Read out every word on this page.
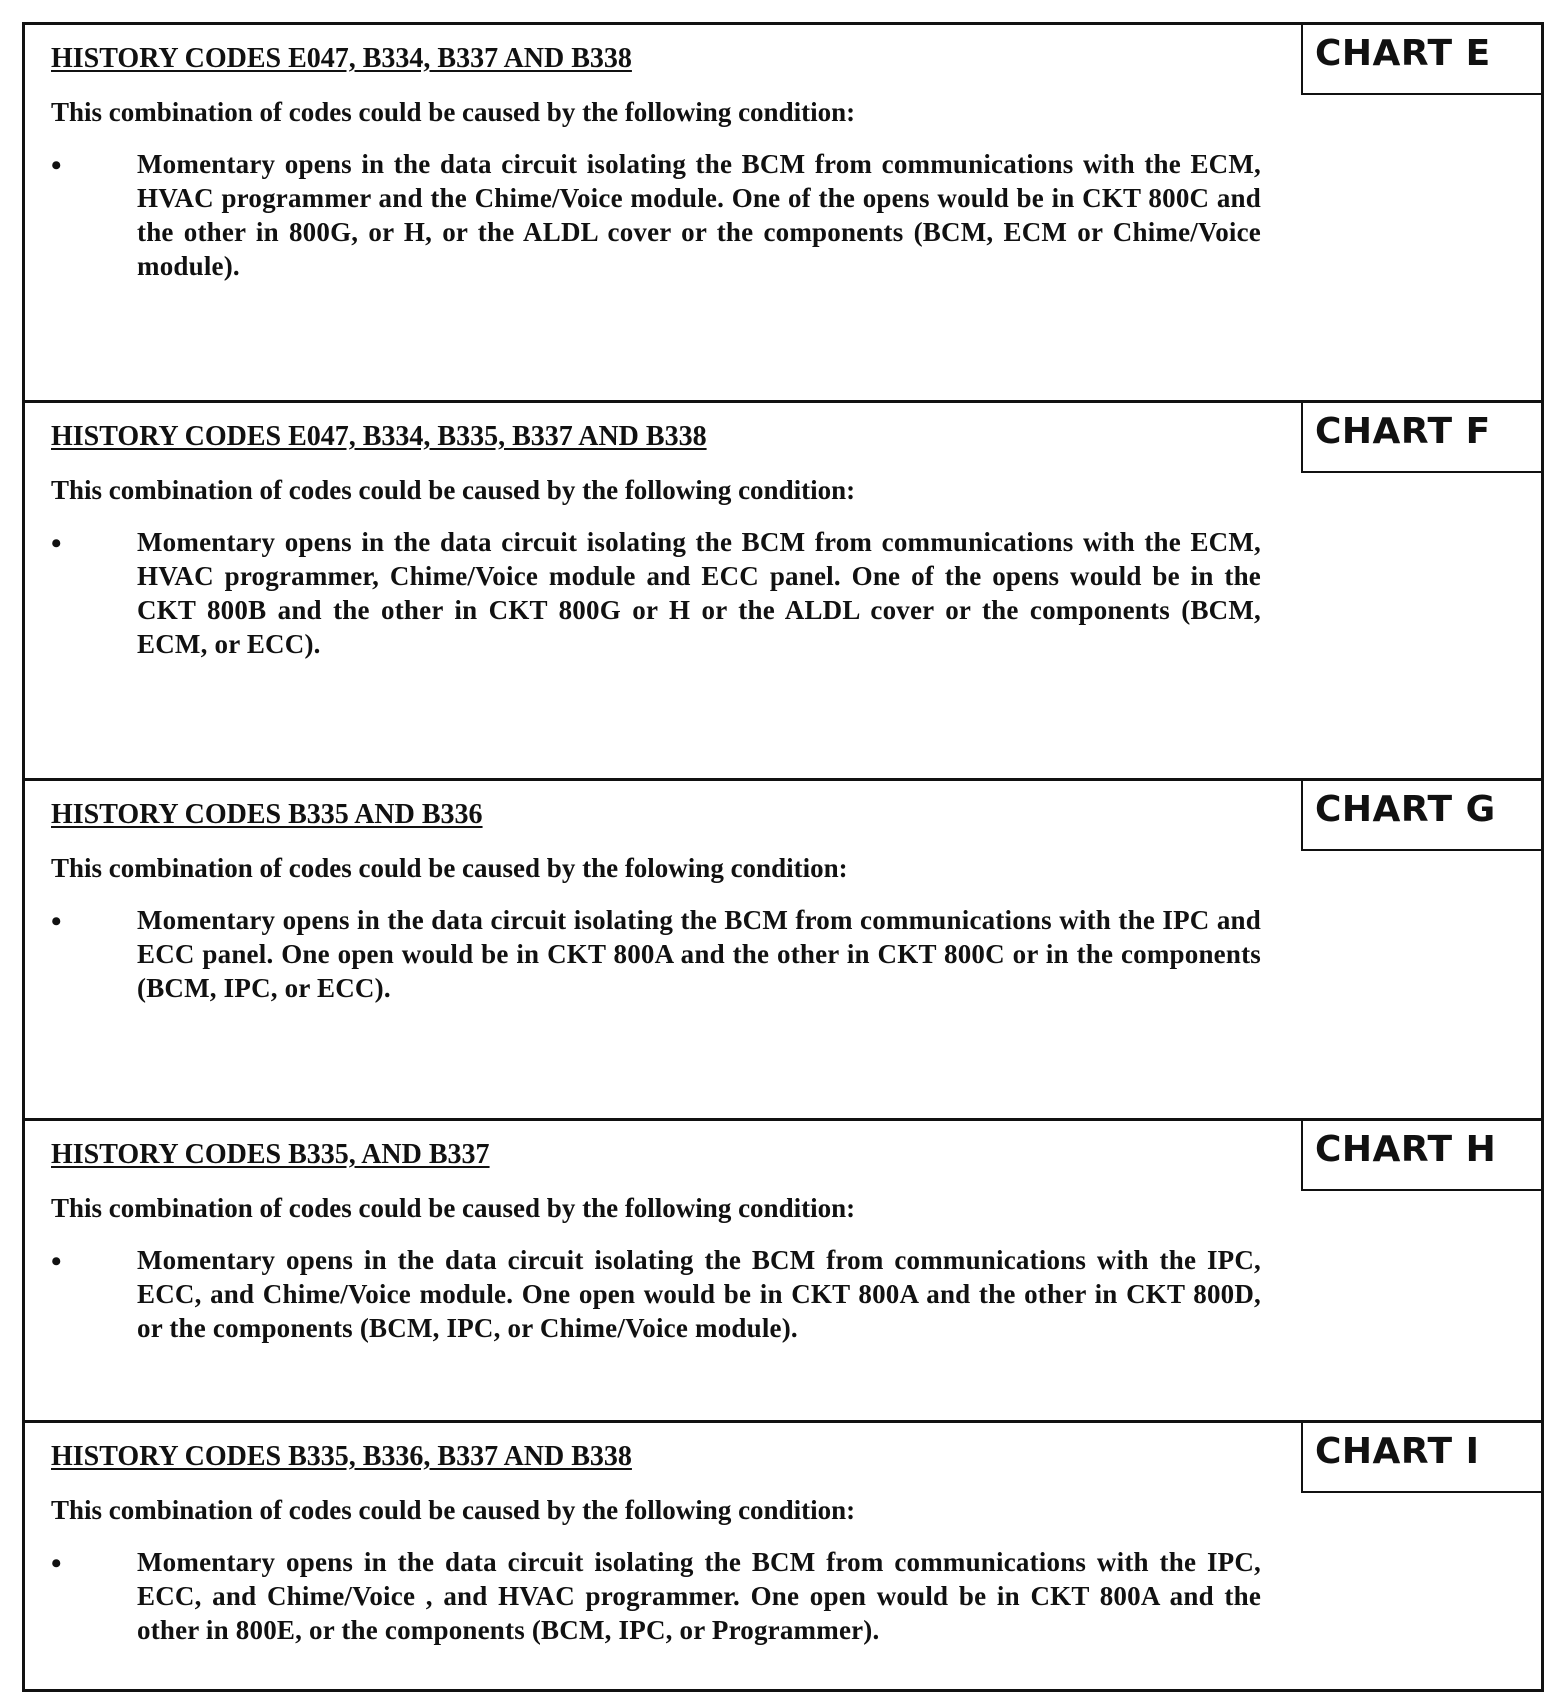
CHART E
HISTORY CODES E047, B334, B337 AND B338
This combination of codes could be caused by the following condition:
•	Momentary opens in the data circuit isolating the BCM from communications with the ECM, HVAC programmer and the Chime/Voice module. One of the opens would be in CKT 800C and the other in 800G, or H, or the ALDL cover or the components (BCM, ECM or Chime/Voice module).
CHART F
HISTORY CODES E047, B334, B335, B337 AND B338
This combination of codes could be caused by the following condition:
•	Momentary opens in the data circuit isolating the BCM from communications with the ECM, HVAC programmer, Chime/Voice module and ECC panel. One of the opens would be in the CKT 800B and the other in CKT 800G or H or the ALDL cover or the components (BCM, ECM, or ECC).
CHART G
HISTORY CODES B335 AND B336
This combination of codes could be caused by the folowing condition:
•	Momentary opens in the data circuit isolating the BCM from communications with the IPC and ECC panel. One open would be in CKT 800A and the other in CKT 800C or in the components (BCM, IPC, or ECC).
CHART H
HISTORY CODES B335, AND B337
This combination of codes could be caused by the following condition:
•	Momentary opens in the data circuit isolating the BCM from communications with the IPC, ECC, and Chime/Voice module. One open would be in CKT 800A and the other in CKT 800D, or the components (BCM, IPC, or Chime/Voice module).
CHART I
HISTORY CODES B335, B336, B337 AND B338
This combination of codes could be caused by the following condition:
•	Momentary opens in the data circuit isolating the BCM from communications with the IPC, ECC, and Chime/Voice , and HVAC programmer. One open would be in CKT 800A and the other in 800E, or the components (BCM, IPC, or Programmer).
